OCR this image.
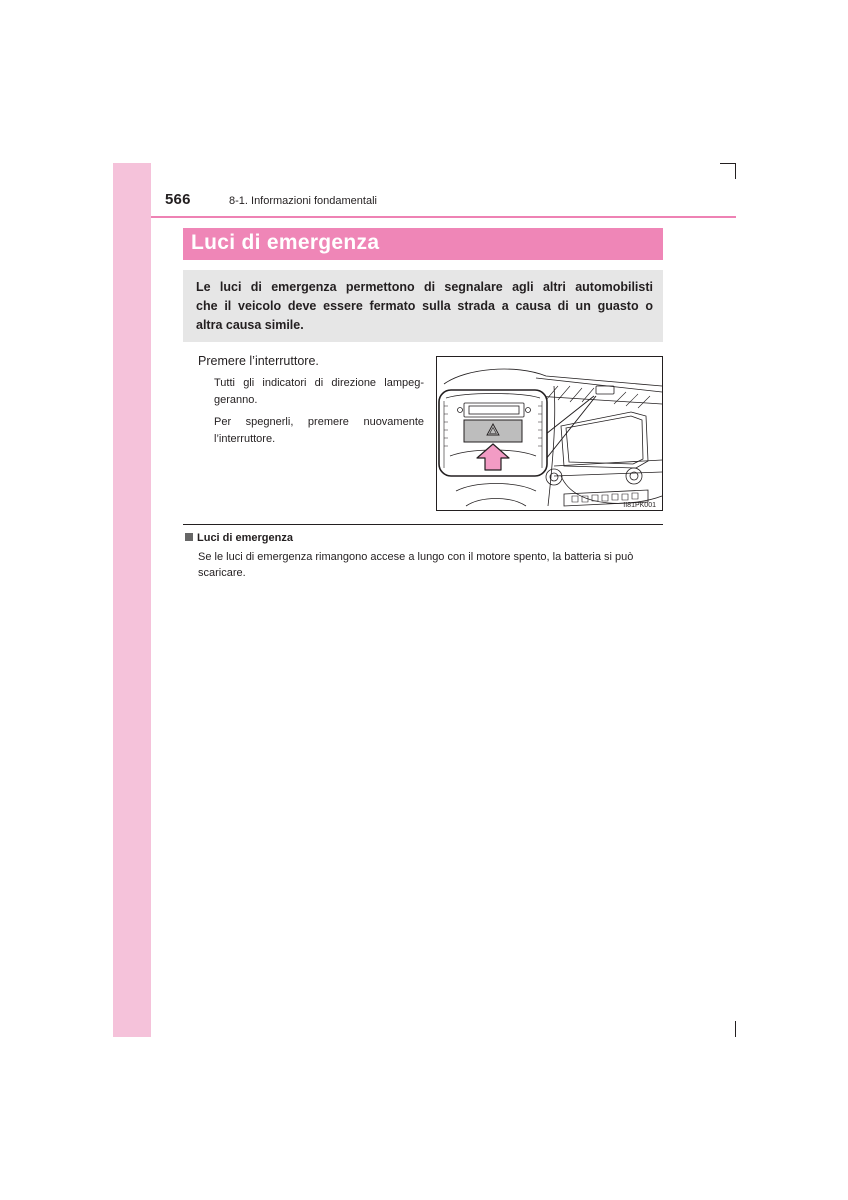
566	8-1. Informazioni fondamentali
Luci di emergenza
Le luci di emergenza permettono di segnalare agli altri automobilisti
che il veicolo deve essere fermato sulla strada a causa di un guasto o
altra causa simile.
Premere l’interruttore.
Tutti gli indicatori di direzione lampeg-
geranno.
Per spegnerli, premere nuovamente
l’interruttore.
II81PK001
Luci di emergenza
Se le luci di emergenza rimangono accese a lungo con il motore spento, la batteria si può scaricare.
